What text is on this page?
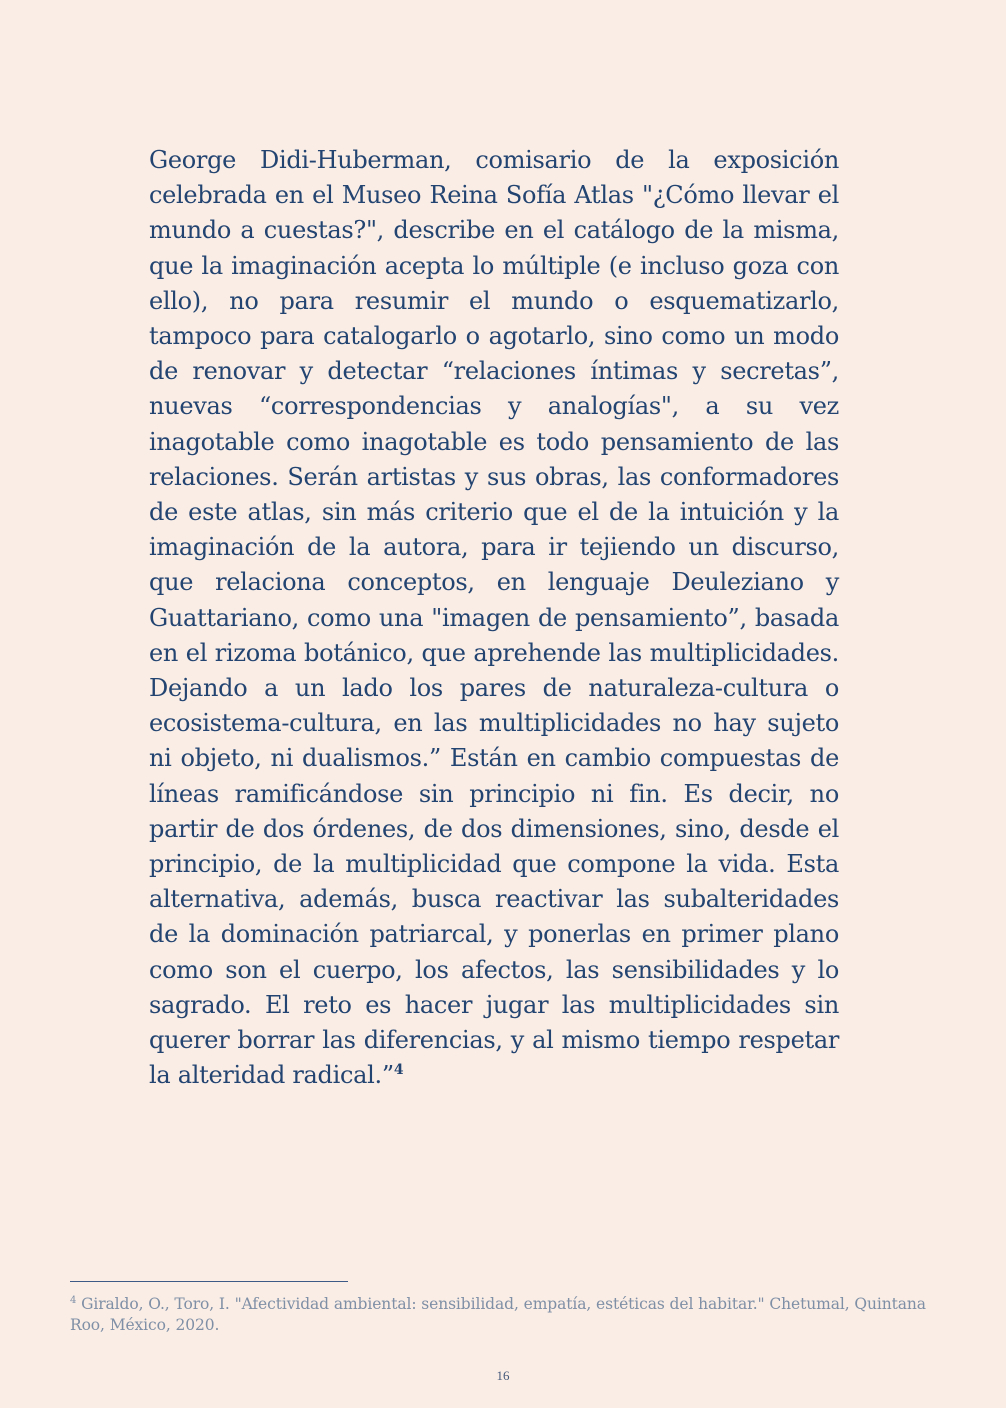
George Didi-Huberman, comisario de la exposición celebrada en el Museo Reina Sofía Atlas "¿Cómo llevar el mundo a cuestas?", describe en el catálogo de la misma, que la imaginación acepta lo múltiple (e incluso goza con ello), no para resumir el mundo o esquematizarlo, tampoco para catalogarlo o agotarlo, sino como un modo de renovar y detectar “relaciones íntimas y secretas”, nuevas “correspondencias y analogías", a su vez inagotable como inagotable es todo pensamiento de las relaciones. Serán artistas y sus obras, las conformadores de este atlas, sin más criterio que el de la intuición y la imaginación de la autora, para ir tejiendo un discurso, que relaciona conceptos, en lenguaje Deuleziano y Guattariano, como una "imagen de pensamiento”, basada en el rizoma botánico, que aprehende las multiplicidades. Dejando a un lado los pares de naturaleza-cultura o ecosistema-cultura, en las multiplicidades no hay sujeto ni objeto, ni dualismos.” Están en cambio compuestas de líneas ramificándose sin principio ni fin. Es decir, no partir de dos órdenes, de dos dimensiones, sino, desde el principio, de la multiplicidad que compone la vida. Esta alternativa, además, busca reactivar las subalteridades de la dominación patriarcal, y ponerlas en primer plano como son el cuerpo, los afectos, las sensibilidades y lo sagrado. El reto es hacer jugar las multiplicidades sin querer borrar las diferencias, y al mismo tiempo respetar la alteridad radical.”$^4$

$^4$ Giraldo, O., Toro, I. "Afectividad ambiental: sensibilidad, empatía, estéticas del habitar." Chetumal, Quintana Roo, México, 2020.

16
